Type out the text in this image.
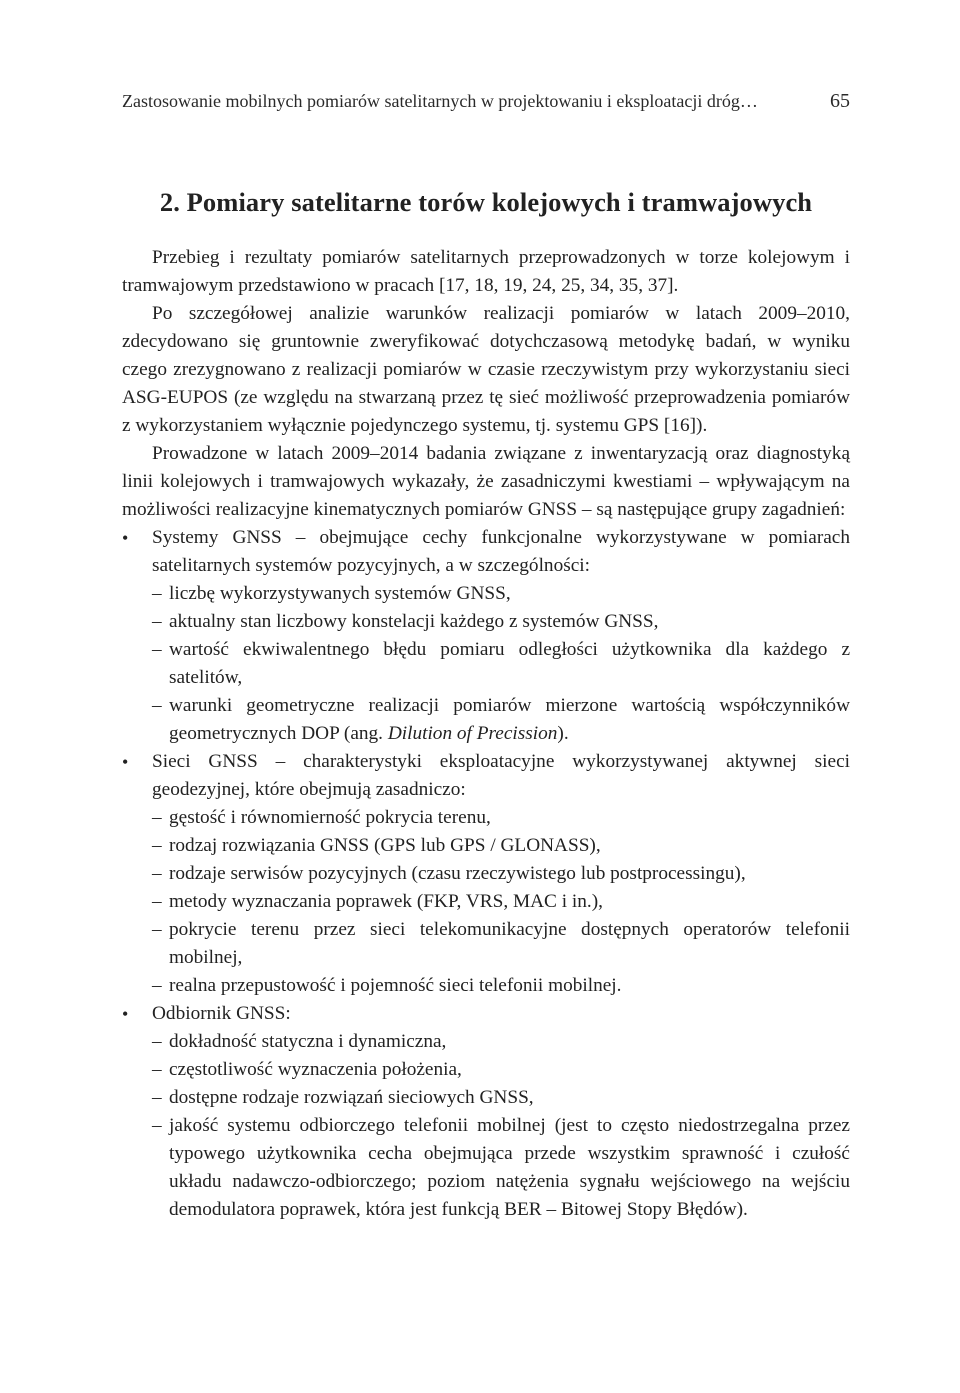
Zastosowanie mobilnych pomiarów satelitarnych w projektowaniu i eksploatacji dróg…	65
2. Pomiary satelitarne torów kolejowych i tramwajowych

Przebieg i rezultaty pomiarów satelitarnych przeprowadzonych w torze kolejowym i tramwajowym przedstawiono w pracach [17, 18, 19, 24, 25, 34, 35, 37].

Po szczegółowej analizie warunków realizacji pomiarów w latach 2009–2010, zdecydowano się gruntownie zweryfikować dotychczasową metodykę badań, w wyniku czego zrezygnowano z realizacji pomiarów w czasie rzeczywistym przy wykorzystaniu sieci ASG-EUPOS (ze względu na stwarzaną przez tę sieć możliwość przeprowadzenia pomiarów z wykorzystaniem wyłącznie pojedynczego systemu, tj. systemu GPS [16]).

Prowadzone w latach 2009–2014 badania związane z inwentaryzacją oraz diagnostyką linii kolejowych i tramwajowych wykazały, że zasadniczymi kwestiami – wpływającym na możliwości realizacyjne kinematycznych pomiarów GNSS – są następujące grupy zagadnień:

• Systemy GNSS – obejmujące cechy funkcjonalne wykorzystywane w pomiarach satelitarnych systemów pozycyjnych, a w szczególności:
– liczbę wykorzystywanych systemów GNSS,
– aktualny stan liczbowy konstelacji każdego z systemów GNSS,
– wartość ekwiwalentnego błędu pomiaru odległości użytkownika dla każdego z satelitów,
– warunki geometryczne realizacji pomiarów mierzone wartością współczynników geometrycznych DOP (ang. Dilution of Precission).
• Sieci GNSS – charakterystyki eksploatacyjne wykorzystywanej aktywnej sieci geodezyjnej, które obejmują zasadniczo:
– gęstość i równomierność pokrycia terenu,
– rodzaj rozwiązania GNSS (GPS lub GPS / GLONASS),
– rodzaje serwisów pozycyjnych (czasu rzeczywistego lub postprocessingu),
– metody wyznaczania poprawek (FKP, VRS, MAC i in.),
– pokrycie terenu przez sieci telekomunikacyjne dostępnych operatorów telefonii mobilnej,
– realna przepustowość i pojemność sieci telefonii mobilnej.
• Odbiornik GNSS:
– dokładność statyczna i dynamiczna,
– częstotliwość wyznaczenia położenia,
– dostępne rodzaje rozwiązań sieciowych GNSS,
– jakość systemu odbiorczego telefonii mobilnej (jest to często niedostrzegalna przez typowego użytkownika cecha obejmująca przede wszystkim sprawność i czułość układu nadawczo-odbiorczego; poziom natężenia sygnału wejściowego na wejściu demodulatora poprawek, która jest funkcją BER – Bitowej Stopy Błędów).
